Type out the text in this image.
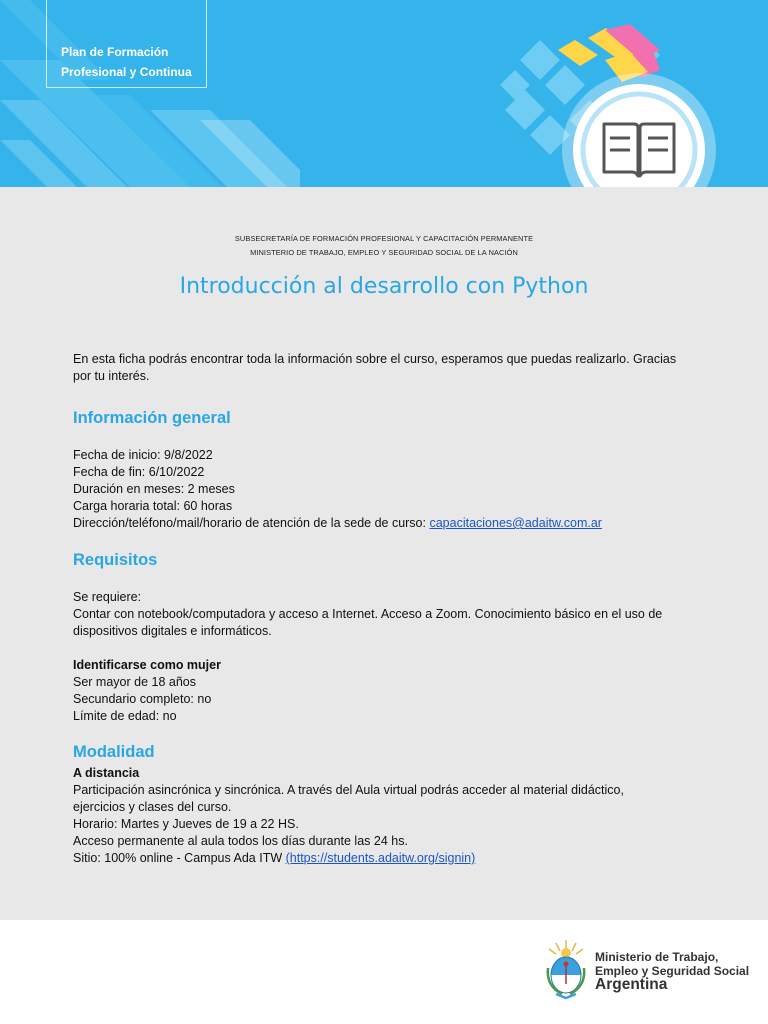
Plan de Formación
Profesional y Continua
SUBSECRETARÍA DE FORMACIÓN PROFESIONAL Y CAPACITACIÓN PERMANENTE
MINISTERIO DE TRABAJO, EMPLEO Y SEGURIDAD SOCIAL DE LA NACIÓN
Introducción al desarrollo con Python
En esta ficha podrás encontrar toda la información sobre el curso, esperamos que puedas realizarlo. Gracias
por tu interés.
Información general
Fecha de inicio: 9/8/2022
Fecha de fin: 6/10/2022
Duración en meses: 2 meses
Carga horaria total: 60 horas
Dirección/teléfono/mail/horario de atención de la sede de curso: capacitaciones@adaitw.com.ar
Requisitos
Se requiere:
Contar con notebook/computadora y acceso a Internet. Acceso a Zoom. Conocimiento básico en el uso de
dispositivos digitales e informáticos.
Identificarse como mujer
Ser mayor de 18 años
Secundario completo: no
Límite de edad: no
Modalidad
A distancia
Participación asincrónica y sincrónica. A través del Aula virtual podrás acceder al material didáctico,
ejercicios y clases del curso.
Horario: Martes y Jueves de 19 a 22 HS.
Acceso permanente al aula todos los días durante las 24 hs.
Sitio: 100% online - Campus Ada ITW (https://students.adaitw.org/signin)
Ministerio de Trabajo,
Empleo y Seguridad Social
Argentina
